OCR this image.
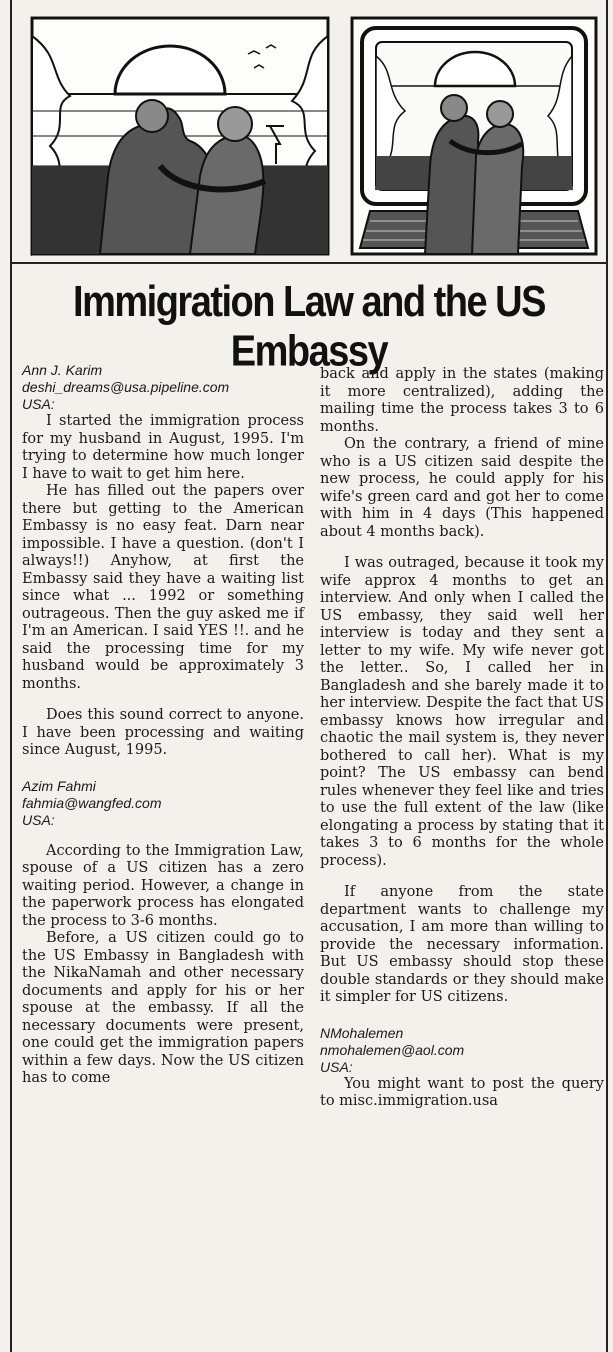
Immigration Law and the US Embassy
Ann J. Karim
deshi_dreams@usa.pipeline.com
USA:

I started the immigration process for my husband in August, 1995. I'm trying to determine how much longer I have to wait to get him here.

He has filled out the papers over there but getting to the American Embassy is no easy feat. Darn near impossible. I have a question. (don't I always!!) Anyhow, at first the Embassy said they have a waiting list since what ... 1992 or something outrageous. Then the guy asked me if I'm an American. I said YES !!. and he said the processing time for my husband would be approximately 3 months.

Does this sound correct to anyone. I have been processing and waiting since August, 1995.

Azim Fahmi
fahmia@wangfed.com
USA:

According to the Immigration Law, spouse of a US citizen has a zero waiting period. However, a change in the paperwork process has elongated the process to 3-6 months.

Before, a US citizen could go to the US Embassy in Bangladesh with the NikaNamah and other necessary documents and apply for his or her spouse at the embassy. If all the necessary documents were present, one could get the immigration papers within a few days. Now the US citizen has to come

back and apply in the states (making it more centralized), adding the mailing time the process takes 3 to 6 months.

On the contrary, a friend of mine who is a US citizen said despite the new process, he could apply for his wife's green card and got her to come with him in 4 days (This happened about 4 months back).

I was outraged, because it took my wife approx 4 months to get an interview. And only when I called the US embassy, they said well her interview is today and they sent a letter to my wife. My wife never got the letter.. So, I called her in Bangladesh and she barely made it to her interview. Despite the fact that US embassy knows how irregular and chaotic the mail system is, they never bothered to call her). What is my point? The US embassy can bend rules whenever they feel like and tries to use the full extent of the law (like elongating a process by stating that it takes 3 to 6 months for the whole process).

If anyone from the state department wants to challenge my accusation, I am more than willing to provide the necessary information. But US embassy should stop these double standards or they should make it simpler for US citizens.

NMohalemen
nmohalemen@aol.com
USA:

You might want to post the query to misc.immigration.usa
